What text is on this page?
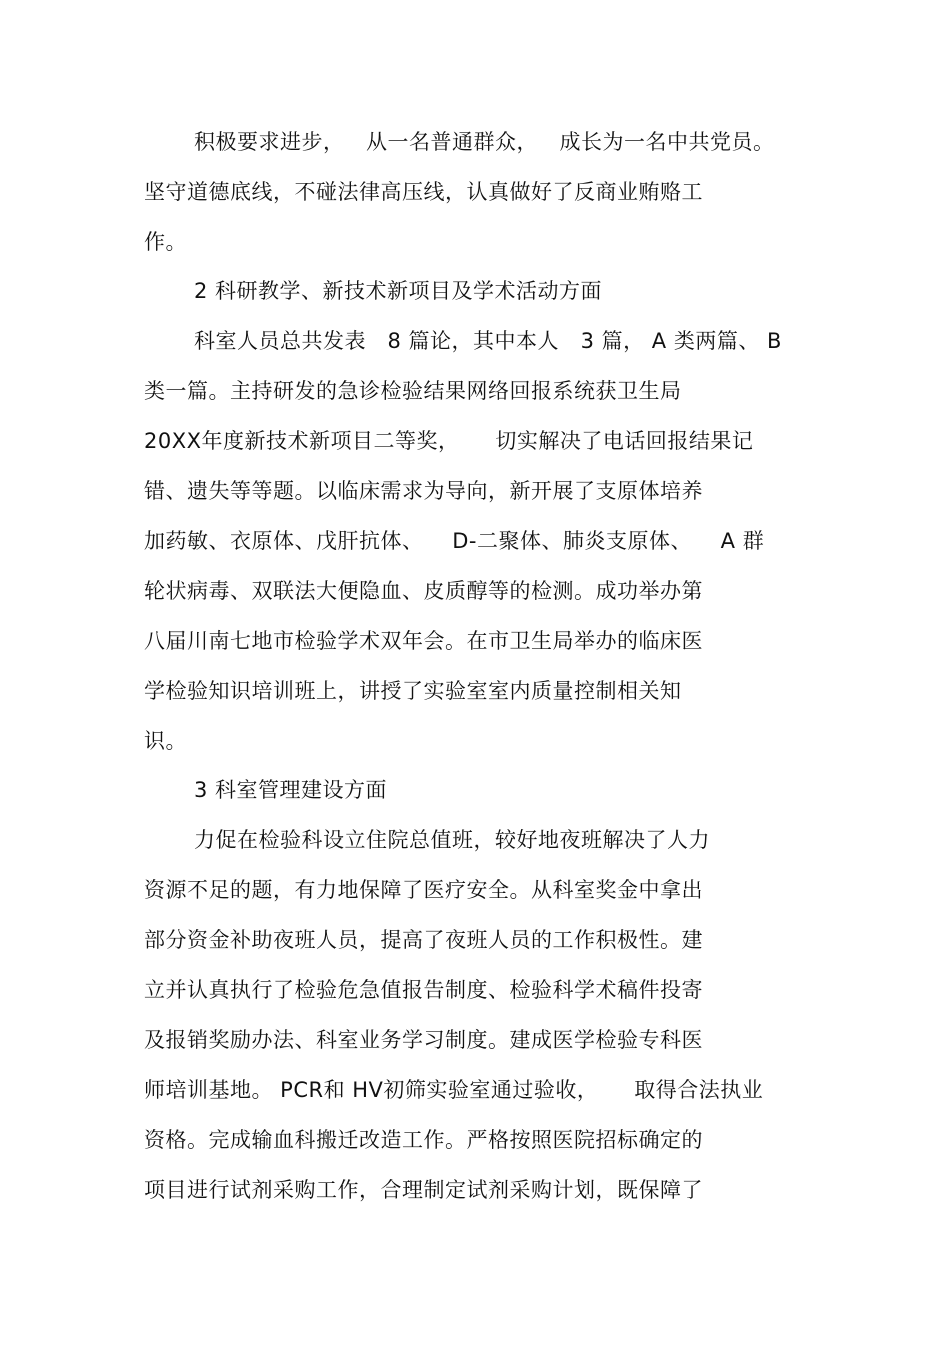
积极要求进步，   从一名普通群众，   成长为一名中共党员。
坚守道德底线，不碰法律高压线，认真做好了反商业贿赂工
作。
2 科研教学、新技术新项目及学术活动方面
科室人员总共发表   8 篇论，其中本人   3 篇， A 类两篇、 B
类一篇。主持研发的急诊检验结果网络回报系统获卫生局
20XX年度新技术新项目二等奖，     切实解决了电话回报结果记
错、遗失等等题。以临床需求为导向，新开展了支原体培养
加药敏、衣原体、戊肝抗体、    D-二聚体、肺炎支原体、    A 群
轮状病毒、双联法大便隐血、皮质醇等的检测。成功举办第
八届川南七地市检验学术双年会。在市卫生局举办的临床医
学检验知识培训班上，讲授了实验室室内质量控制相关知
识。
3 科室管理建设方面
力促在检验科设立住院总值班，较好地夜班解决了人力
资源不足的题，有力地保障了医疗安全。从科室奖金中拿出
部分资金补助夜班人员，提高了夜班人员的工作积极性。建
立并认真执行了检验危急值报告制度、检验科学术稿件投寄
及报销奖励办法、科室业务学习制度。建成医学检验专科医
师培训基地。 PCR和 HV初筛实验室通过验收，     取得合法执业
资格。完成输血科搬迁改造工作。严格按照医院招标确定的
项目进行试剂采购工作，合理制定试剂采购计划，既保障了
